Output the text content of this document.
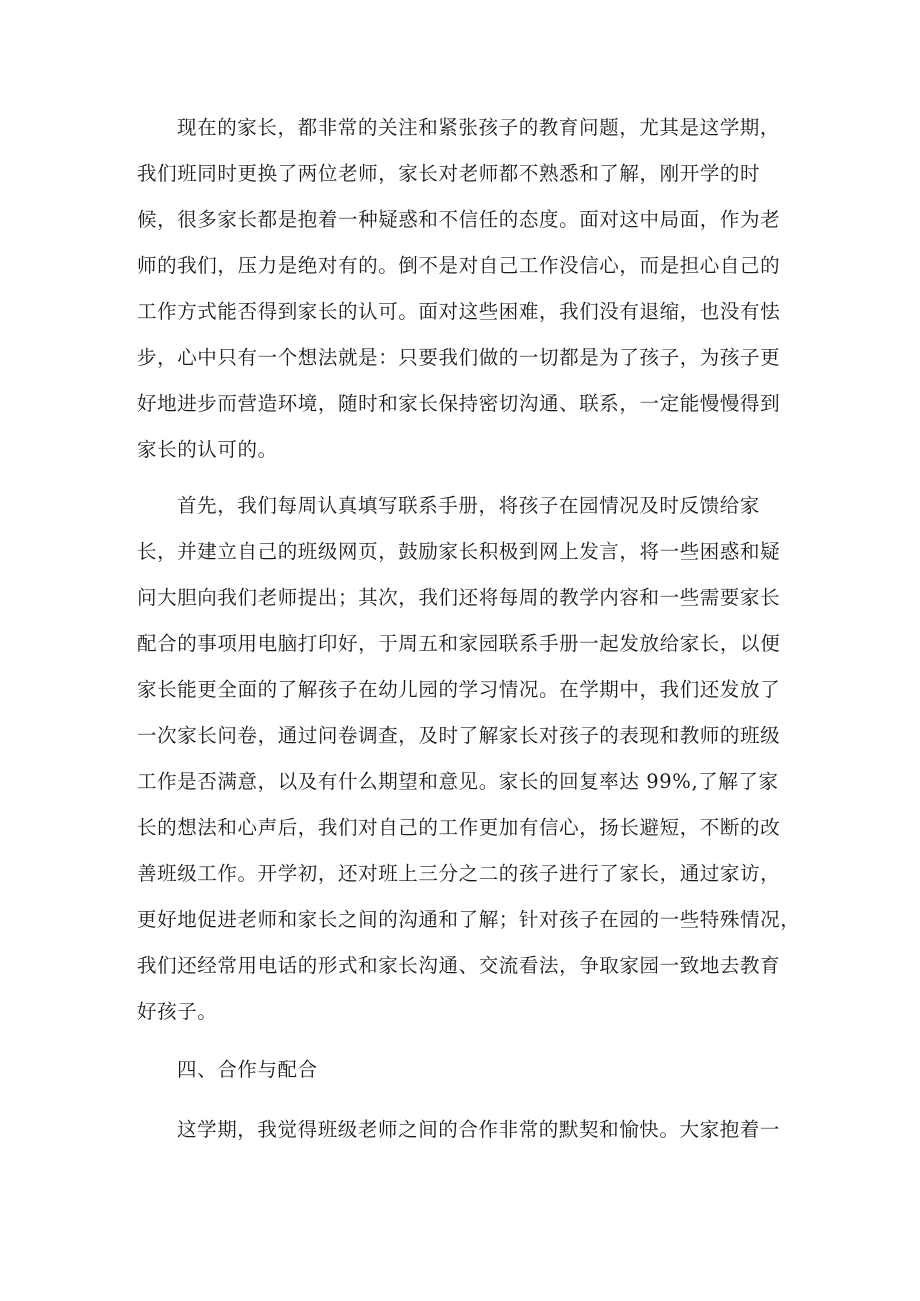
现在的家长，都非常的关注和紧张孩子的教育问题，尤其是这学期，
我们班同时更换了两位老师，家长对老师都不熟悉和了解，刚开学的时
候，很多家长都是抱着一种疑惑和不信任的态度。面对这中局面，作为老
师的我们，压力是绝对有的。倒不是对自己工作没信心，而是担心自己的
工作方式能否得到家长的认可。面对这些困难，我们没有退缩，也没有怯
步，心中只有一个想法就是：只要我们做的一切都是为了孩子，为孩子更
好地进步而营造环境，随时和家长保持密切沟通、联系，一定能慢慢得到
家长的认可的。
首先，我们每周认真填写联系手册，将孩子在园情况及时反馈给家
长，并建立自己的班级网页，鼓励家长积极到网上发言，将一些困惑和疑
问大胆向我们老师提出；其次，我们还将每周的教学内容和一些需要家长
配合的事项用电脑打印好，于周五和家园联系手册一起发放给家长，以便
家长能更全面的了解孩子在幼儿园的学习情况。在学期中，我们还发放了
一次家长问卷，通过问卷调查，及时了解家长对孩子的表现和教师的班级
工作是否满意，以及有什么期望和意见。家长的回复率达 99%,了解了家
长的想法和心声后，我们对自己的工作更加有信心，扬长避短，不断的改
善班级工作。开学初，还对班上三分之二的孩子进行了家长，通过家访，
更好地促进老师和家长之间的沟通和了解；针对孩子在园的一些特殊情况，
我们还经常用电话的形式和家长沟通、交流看法，争取家园一致地去教育
好孩子。
四、合作与配合
这学期，我觉得班级老师之间的合作非常的默契和愉快。大家抱着一
